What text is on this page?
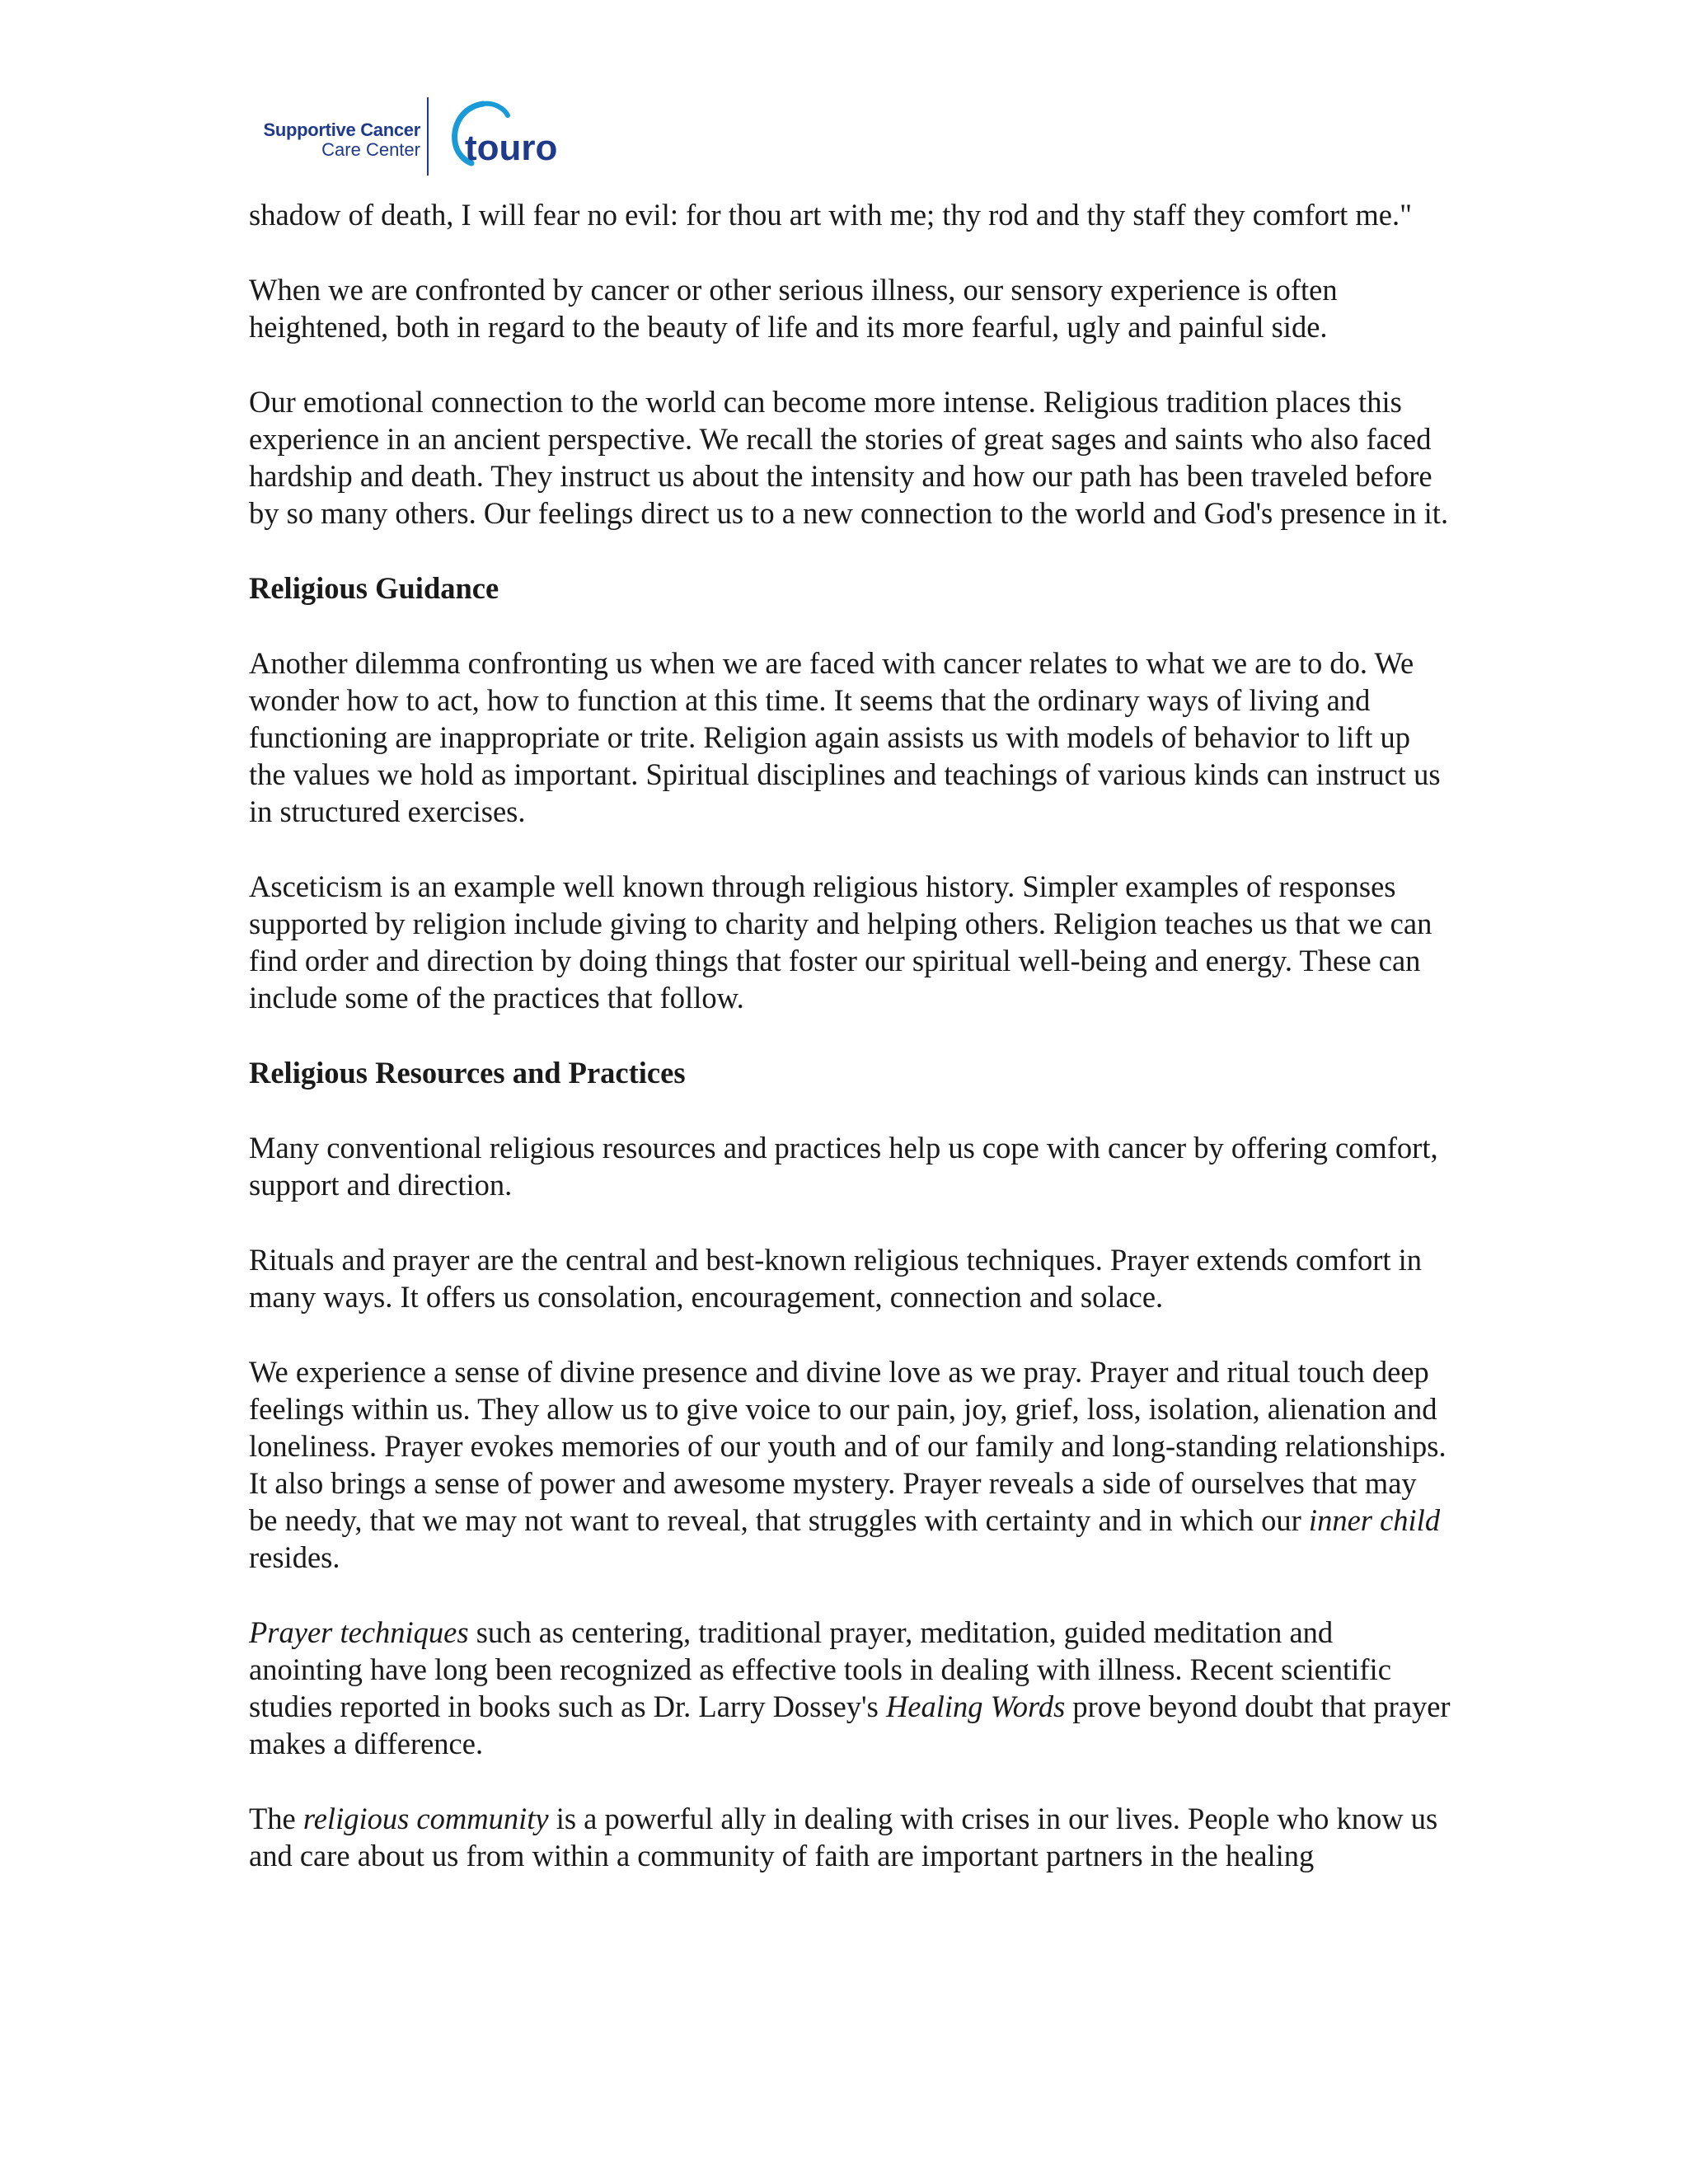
Supportive Cancer
Care Center touro

shadow of death, I will fear no evil: for thou art with me; thy rod and thy staff they comfort me."

When we are confronted by cancer or other serious illness, our sensory experience is often heightened, both in regard to the beauty of life and its more fearful, ugly and painful side.

Our emotional connection to the world can become more intense. Religious tradition places this experience in an ancient perspective. We recall the stories of great sages and saints who also faced hardship and death. They instruct us about the intensity and how our path has been traveled before by so many others. Our feelings direct us to a new connection to the world and God's presence in it.

Religious Guidance

Another dilemma confronting us when we are faced with cancer relates to what we are to do. We wonder how to act, how to function at this time. It seems that the ordinary ways of living and functioning are inappropriate or trite. Religion again assists us with models of behavior to lift up the values we hold as important. Spiritual disciplines and teachings of various kinds can instruct us in structured exercises.

Asceticism is an example well known through religious history. Simpler examples of responses supported by religion include giving to charity and helping others. Religion teaches us that we can find order and direction by doing things that foster our spiritual well-being and energy. These can include some of the practices that follow.

Religious Resources and Practices

Many conventional religious resources and practices help us cope with cancer by offering comfort, support and direction.

Rituals and prayer are the central and best-known religious techniques. Prayer extends comfort in many ways. It offers us consolation, encouragement, connection and solace.

We experience a sense of divine presence and divine love as we pray. Prayer and ritual touch deep feelings within us. They allow us to give voice to our pain, joy, grief, loss, isolation, alienation and loneliness. Prayer evokes memories of our youth and of our family and long-standing relationships. It also brings a sense of power and awesome mystery. Prayer reveals a side of ourselves that may be needy, that we may not want to reveal, that struggles with certainty and in which our inner child resides.

Prayer techniques such as centering, traditional prayer, meditation, guided meditation and anointing have long been recognized as effective tools in dealing with illness. Recent scientific studies reported in books such as Dr. Larry Dossey's Healing Words prove beyond doubt that prayer makes a difference.

The religious community is a powerful ally in dealing with crises in our lives. People who know us and care about us from within a community of faith are important partners in the healing
